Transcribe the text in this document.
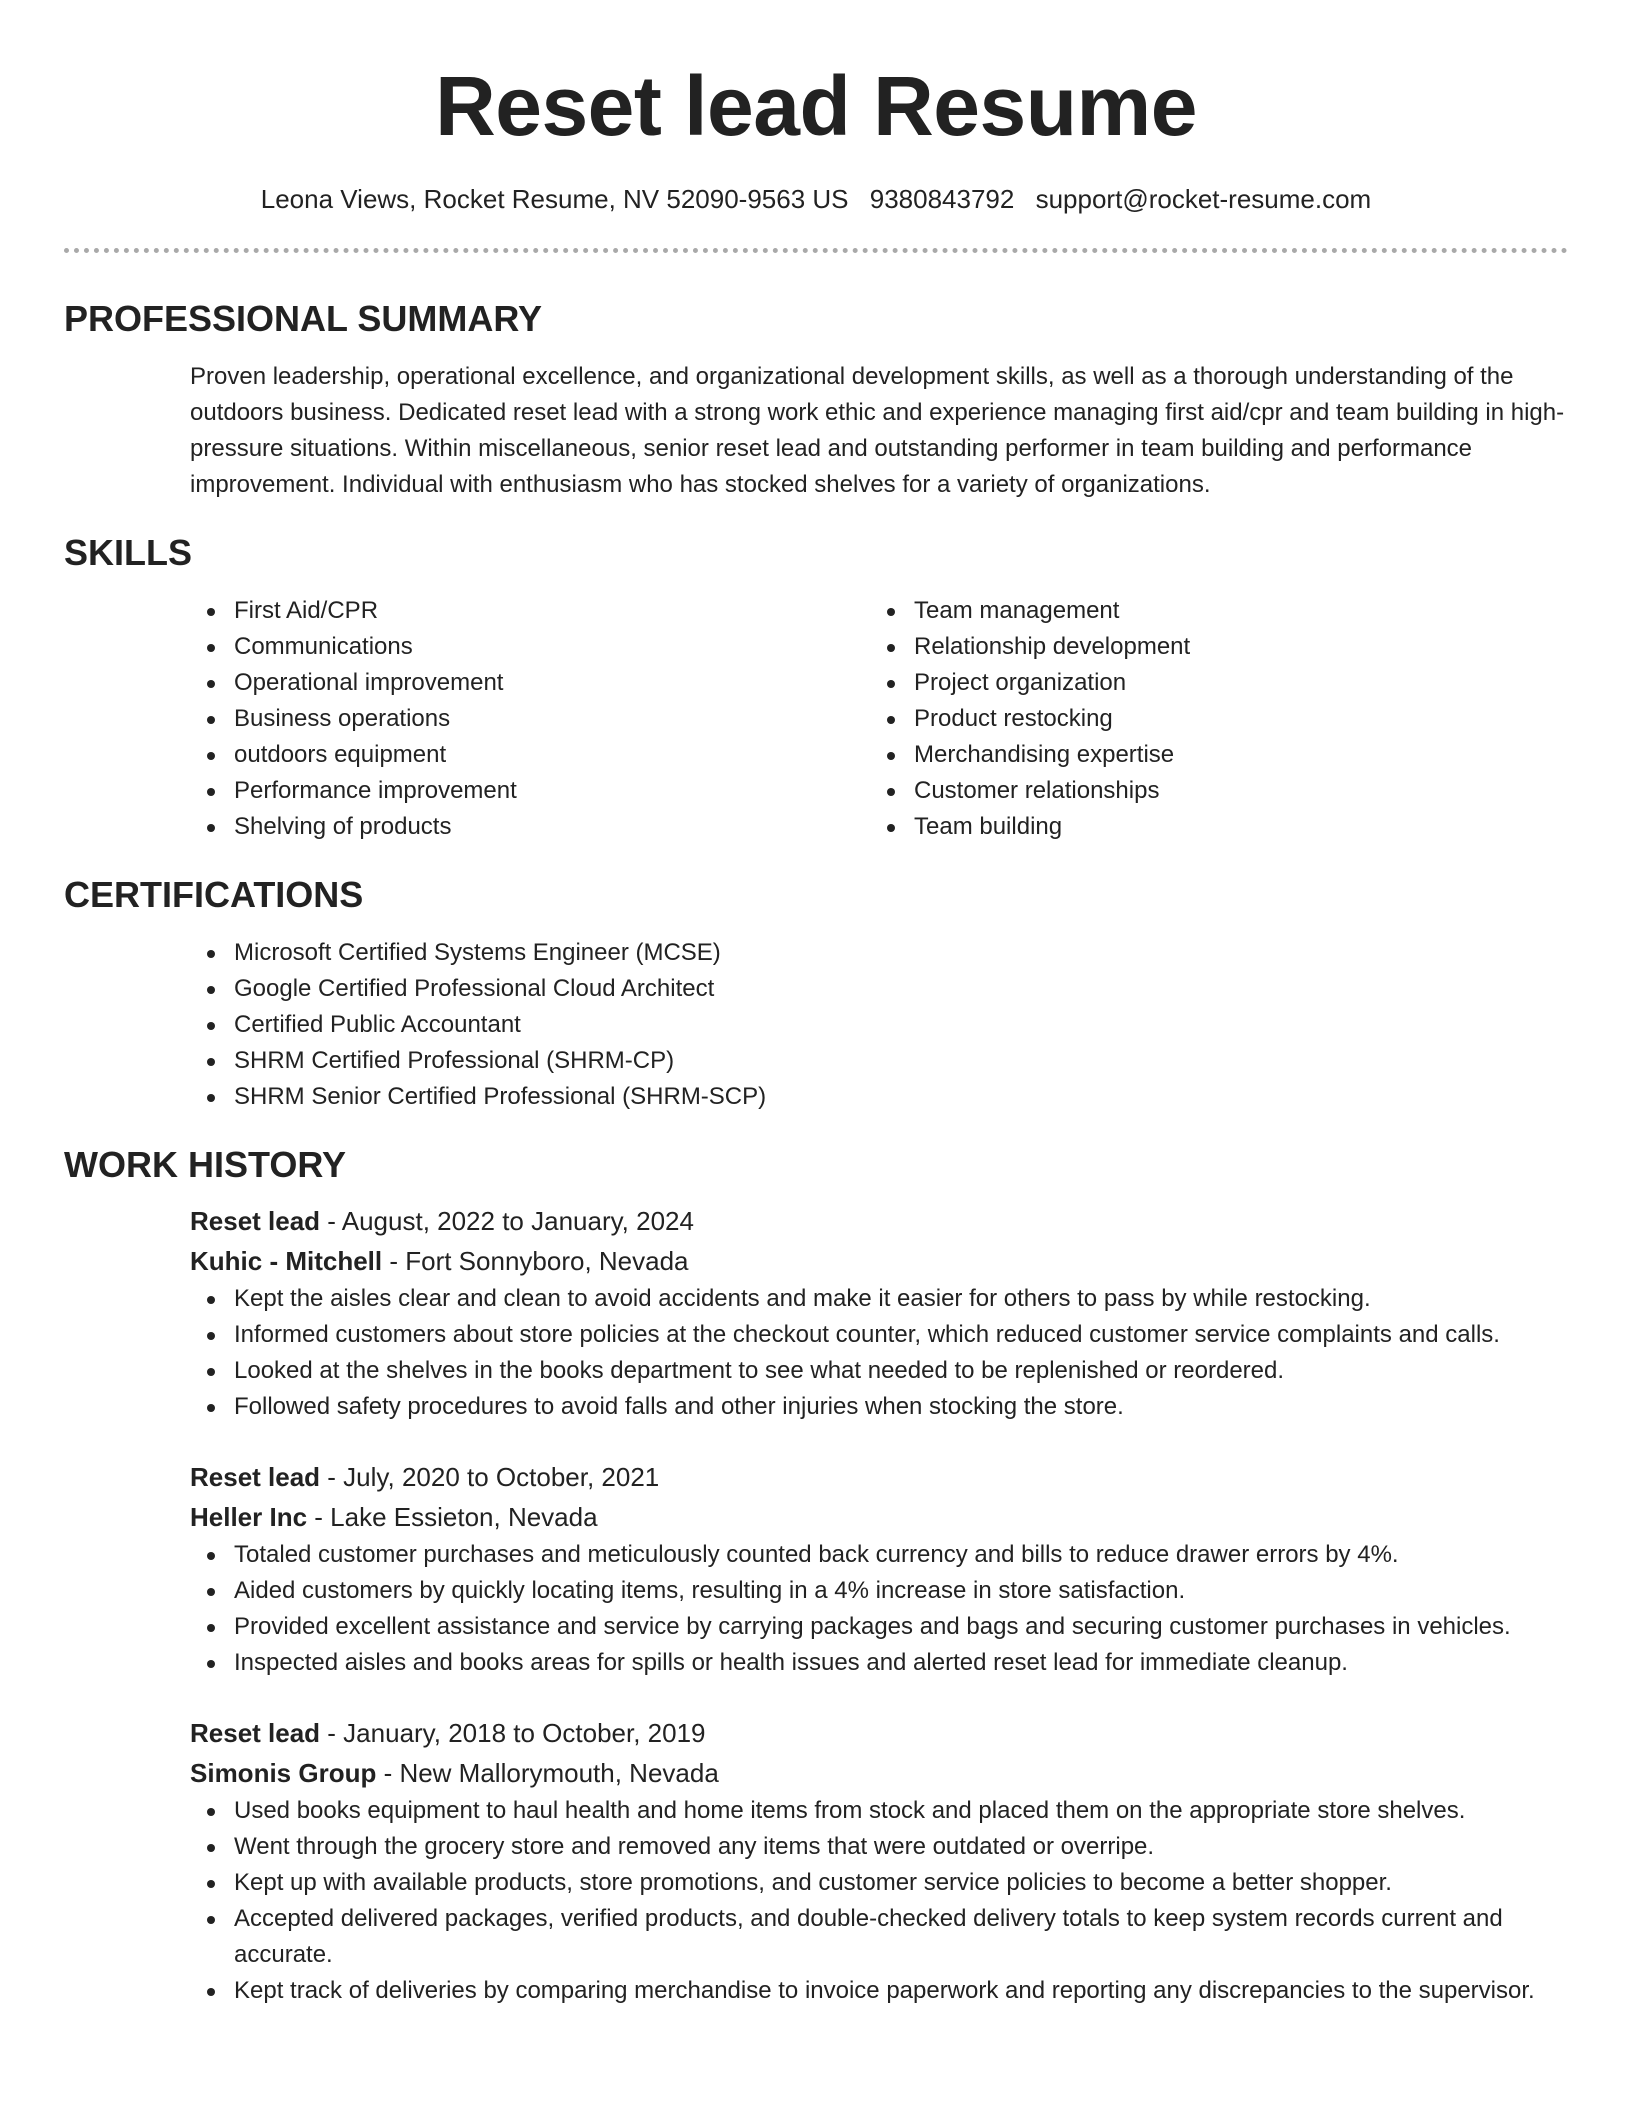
Reset lead Resume
Leona Views, Rocket Resume, NV 52090-9563 US 9380843792 support@rocket-resume.com
PROFESSIONAL SUMMARY

Proven leadership, operational excellence, and organizational development skills, as well as a thorough understanding of the outdoors business. Dedicated reset lead with a strong work ethic and experience managing first aid/cpr and team building in high-pressure situations. Within miscellaneous, senior reset lead and outstanding performer in team building and performance improvement. Individual with enthusiasm who has stocked shelves for a variety of organizations.

SKILLS
First Aid/CPR
Communications
Operational improvement
Business operations
outdoors equipment
Performance improvement
Shelving of products
Team management
Relationship development
Project organization
Product restocking
Merchandising expertise
Customer relationships
Team building
CERTIFICATIONS
Microsoft Certified Systems Engineer (MCSE)
Google Certified Professional Cloud Architect
Certified Public Accountant
SHRM Certified Professional (SHRM-CP)
SHRM Senior Certified Professional (SHRM-SCP)
WORK HISTORY
Reset lead - August, 2022 to January, 2024
Kuhic - Mitchell - Fort Sonnyboro, Nevada
Kept the aisles clear and clean to avoid accidents and make it easier for others to pass by while restocking.
Informed customers about store policies at the checkout counter, which reduced customer service complaints and calls.
Looked at the shelves in the books department to see what needed to be replenished or reordered.
Followed safety procedures to avoid falls and other injuries when stocking the store.
Reset lead - July, 2020 to October, 2021
Heller Inc - Lake Essieton, Nevada
Totaled customer purchases and meticulously counted back currency and bills to reduce drawer errors by 4%.
Aided customers by quickly locating items, resulting in a 4% increase in store satisfaction.
Provided excellent assistance and service by carrying packages and bags and securing customer purchases in vehicles.
Inspected aisles and books areas for spills or health issues and alerted reset lead for immediate cleanup.
Reset lead - January, 2018 to October, 2019
Simonis Group - New Mallorymouth, Nevada
Used books equipment to haul health and home items from stock and placed them on the appropriate store shelves.
Went through the grocery store and removed any items that were outdated or overripe.
Kept up with available products, store promotions, and customer service policies to become a better shopper.
Accepted delivered packages, verified products, and double-checked delivery totals to keep system records current and accurate.
Kept track of deliveries by comparing merchandise to invoice paperwork and reporting any discrepancies to the supervisor.
